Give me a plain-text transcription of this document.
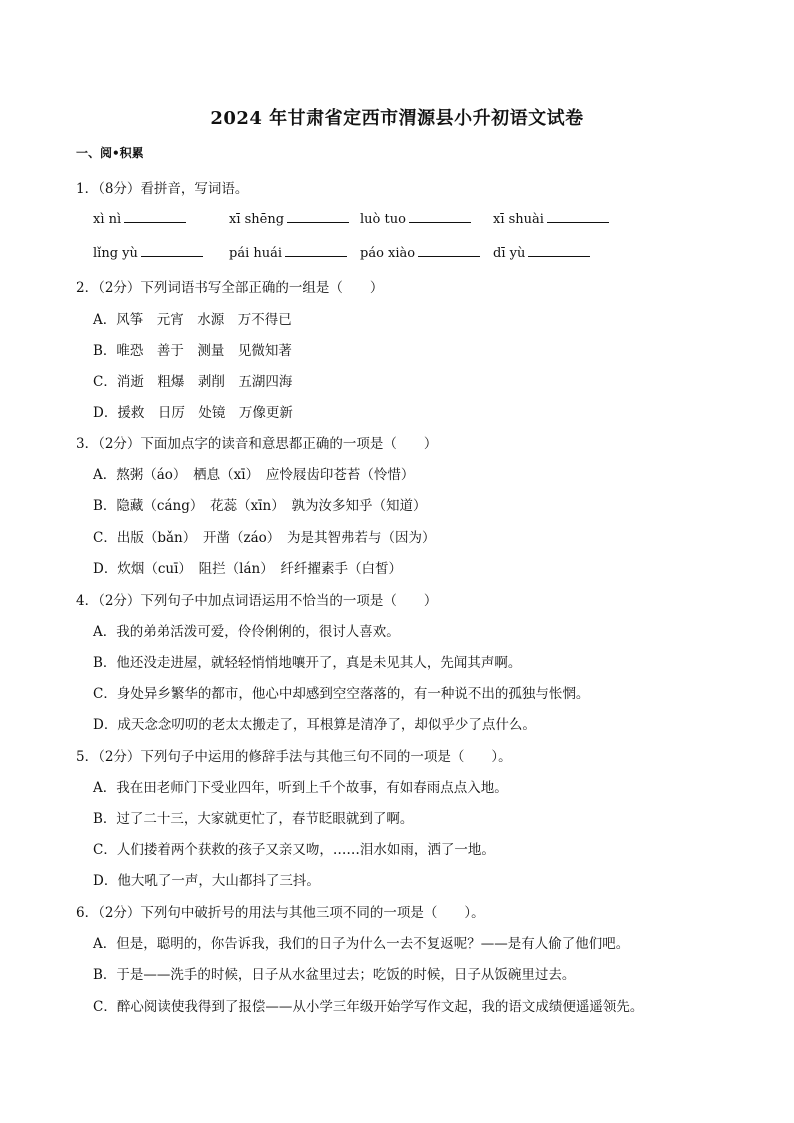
2024 年甘肃省定西市渭源县小升初语文试卷
一、阅•积累
1．（8分）看拼音，写词语。
xì nì	xī shēng	luò tuo	xī shuài
lǐng yù	pái huái	páo xiào	dī yù
2．（2分）下列词语书写全部正确的一组是（　　）
A．风筝　元宵　水源　万不得已
B．唯恐　善于　测量　见微知著
C．消逝　粗爆　剥削　五湖四海
D．援救　日厉　处镜　万像更新
3．（2分）下面加点字的读音和意思都正确的一项是（　　）
A．熬粥（áo）　栖息（xī）　应怜屐齿印苍苔（怜惜）
B．隐藏（cáng）　花蕊（xīn）　孰为汝多知乎（知道）
C．出版（bǎn）　开凿（záo）　为是其智弗若与（因为）
D．炊烟（cuī）　阻拦（lán）　纤纤擢素手（白皙）
4．（2分）下列句子中加点词语运用不恰当的一项是（　　）
A．我的弟弟活泼可爱，伶伶俐俐的，很讨人喜欢。
B．他还没走进屋，就轻轻悄悄地嚷开了，真是未见其人，先闻其声啊。
C．身处异乡繁华的都市，他心中却感到空空落落的，有一种说不出的孤独与怅惘。
D．成天念念叨叨的老太太搬走了，耳根算是清净了，却似乎少了点什么。
5．（2分）下列句子中运用的修辞手法与其他三句不同的一项是（　　）。
A．我在田老师门下受业四年，听到上千个故事，有如春雨点点入地。
B．过了二十三，大家就更忙了，春节眨眼就到了啊。
C．人们搂着两个获救的孩子又亲又吻，……泪水如雨，洒了一地。
D．他大吼了一声，大山都抖了三抖。
6．（2分）下列句中破折号的用法与其他三项不同的一项是（　　）。
A．但是，聪明的，你告诉我，我们的日子为什么一去不复返呢？——是有人偷了他们吧。
B．于是——洗手的时候，日子从水盆里过去；吃饭的时候，日子从饭碗里过去。
C．醉心阅读使我得到了报偿——从小学三年级开始学写作文起，我的语文成绩便遥遥领先。
